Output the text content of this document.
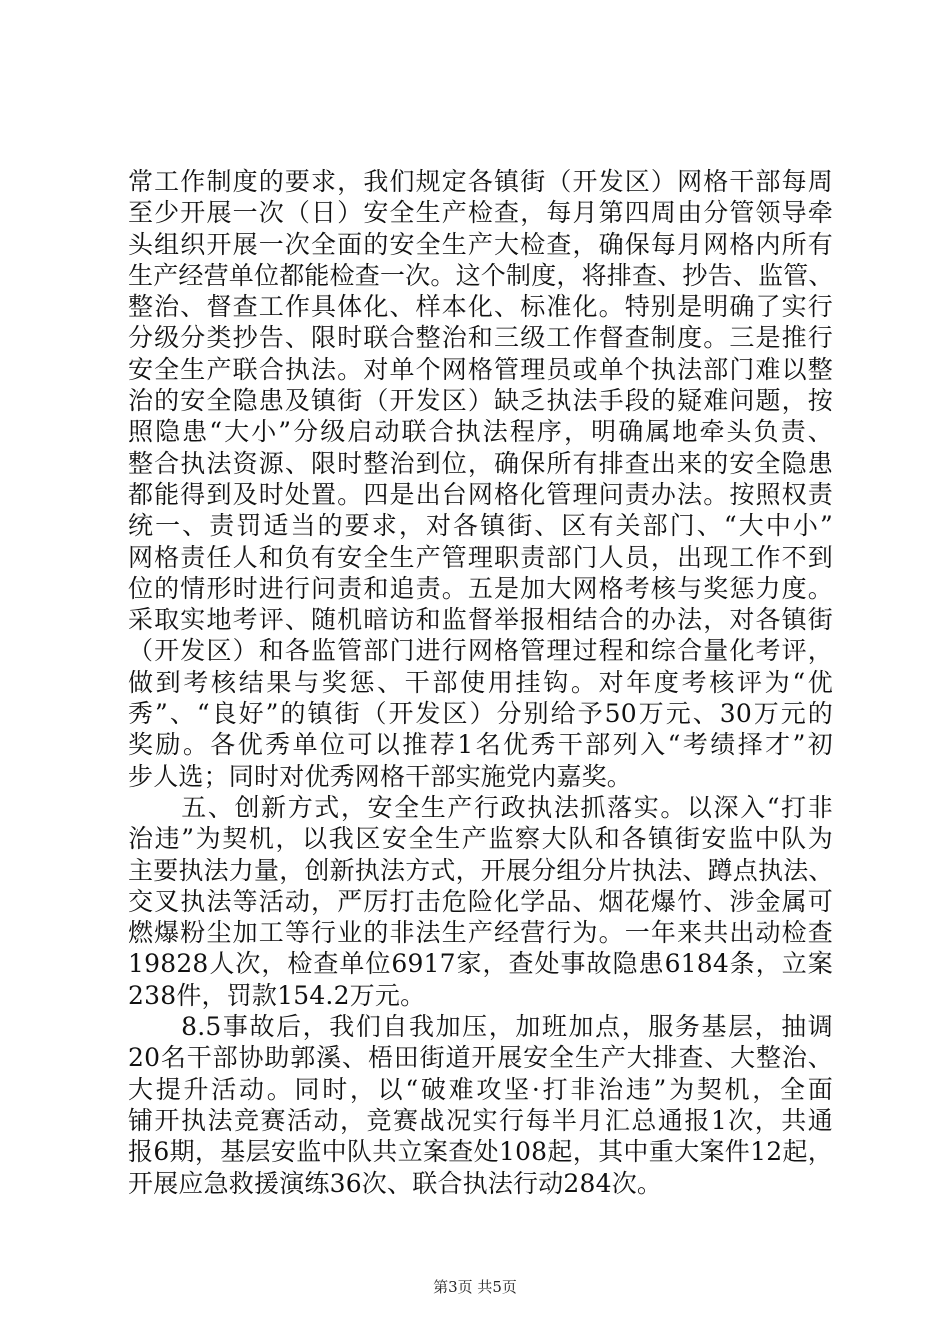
常工作制度的要求，我们规定各镇街（开发区）网格干部每周
至少开展一次（日）安全生产检查，每月第四周由分管领导牵
头组织开展一次全面的安全生产大检查，确保每月网格内所有
生产经营单位都能检查一次。这个制度，将排查、抄告、监管、
整治、督查工作具体化、样本化、标准化。特别是明确了实行
分级分类抄告、限时联合整治和三级工作督查制度。三是推行
安全生产联合执法。对单个网格管理员或单个执法部门难以整
治的安全隐患及镇街（开发区）缺乏执法手段的疑难问题，按
照隐患“大小”分级启动联合执法程序，明确属地牵头负责、
整合执法资源、限时整治到位，确保所有排查出来的安全隐患
都能得到及时处置。四是出台网格化管理问责办法。按照权责
统一、责罚适当的要求，对各镇街、区有关部门、“大中小”
网格责任人和负有安全生产管理职责部门人员，出现工作不到
位的情形时进行问责和追责。五是加大网格考核与奖惩力度。
采取实地考评、随机暗访和监督举报相结合的办法，对各镇街
（开发区）和各监管部门进行网格管理过程和综合量化考评，
做到考核结果与奖惩、干部使用挂钩。对年度考核评为“优
秀”、“良好”的镇街（开发区）分别给予50万元、30万元的
奖励。各优秀单位可以推荐1名优秀干部列入“考绩择才”初
步人选；同时对优秀网格干部实施党内嘉奖。
　　五、创新方式，安全生产行政执法抓落实。以深入“打非
治违”为契机，以我区安全生产监察大队和各镇街安监中队为
主要执法力量，创新执法方式，开展分组分片执法、蹲点执法、
交叉执法等活动，严厉打击危险化学品、烟花爆竹、涉金属可
燃爆粉尘加工等行业的非法生产经营行为。一年来共出动检查
19828人次，检查单位6917家，查处事故隐患6184条，立案
238件，罚款154.2万元。
　　8.5事故后，我们自我加压，加班加点，服务基层，抽调
20名干部协助郭溪、梧田街道开展安全生产大排查、大整治、
大提升活动。同时，以“破难攻坚·打非治违”为契机，全面
铺开执法竞赛活动，竞赛战况实行每半月汇总通报1次，共通
报6期，基层安监中队共立案查处108起，其中重大案件12起，
开展应急救援演练36次、联合执法行动284次。
第3页 共5页
